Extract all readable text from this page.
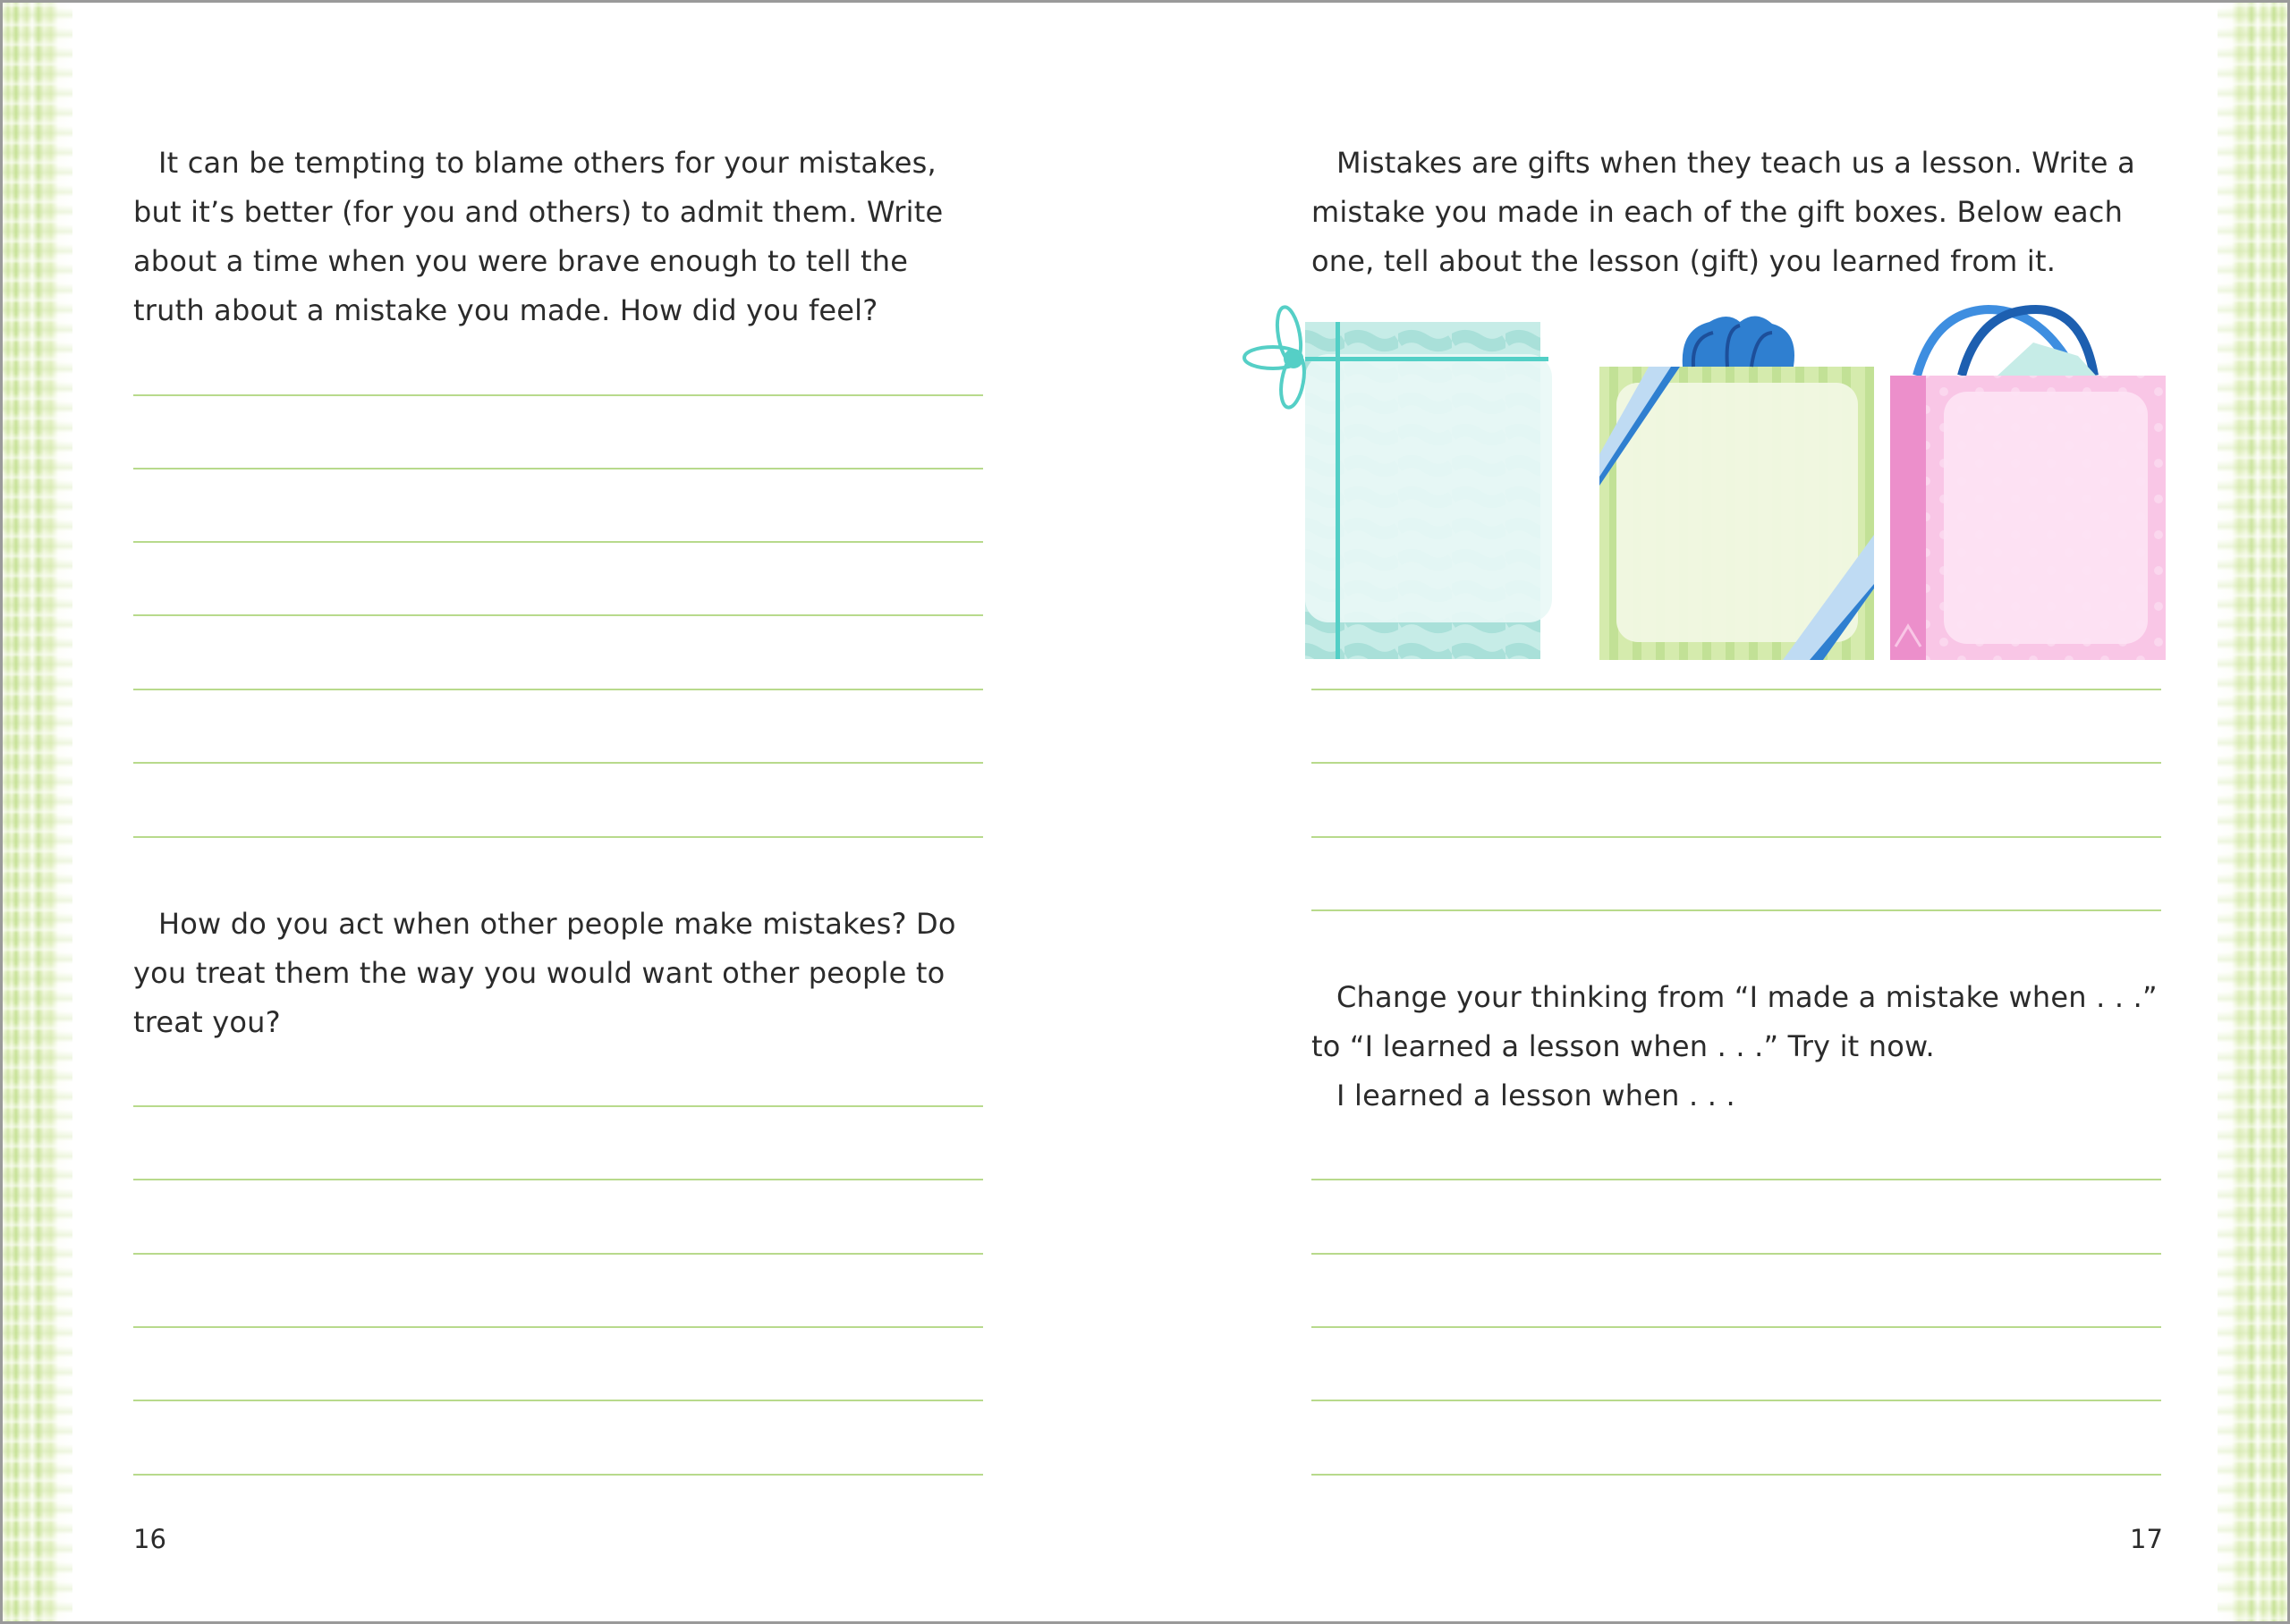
It can be tempting to blame others for your mistakes, but it’s better (for you and others) to admit them. Write about a time when you were brave enough to tell the truth about a mistake you made. How did you feel?

How do you act when other people make mistakes? Do you treat them the way you would want other people to treat you?

16

Mistakes are gifts when they teach us a lesson. Write a mistake you made in each of the gift boxes. Below each one, tell about the lesson (gift) you learned from it.

Change your thinking from “I made a mistake when . . .” to “I learned a lesson when . . .” Try it now.

I learned a lesson when . . .

17
